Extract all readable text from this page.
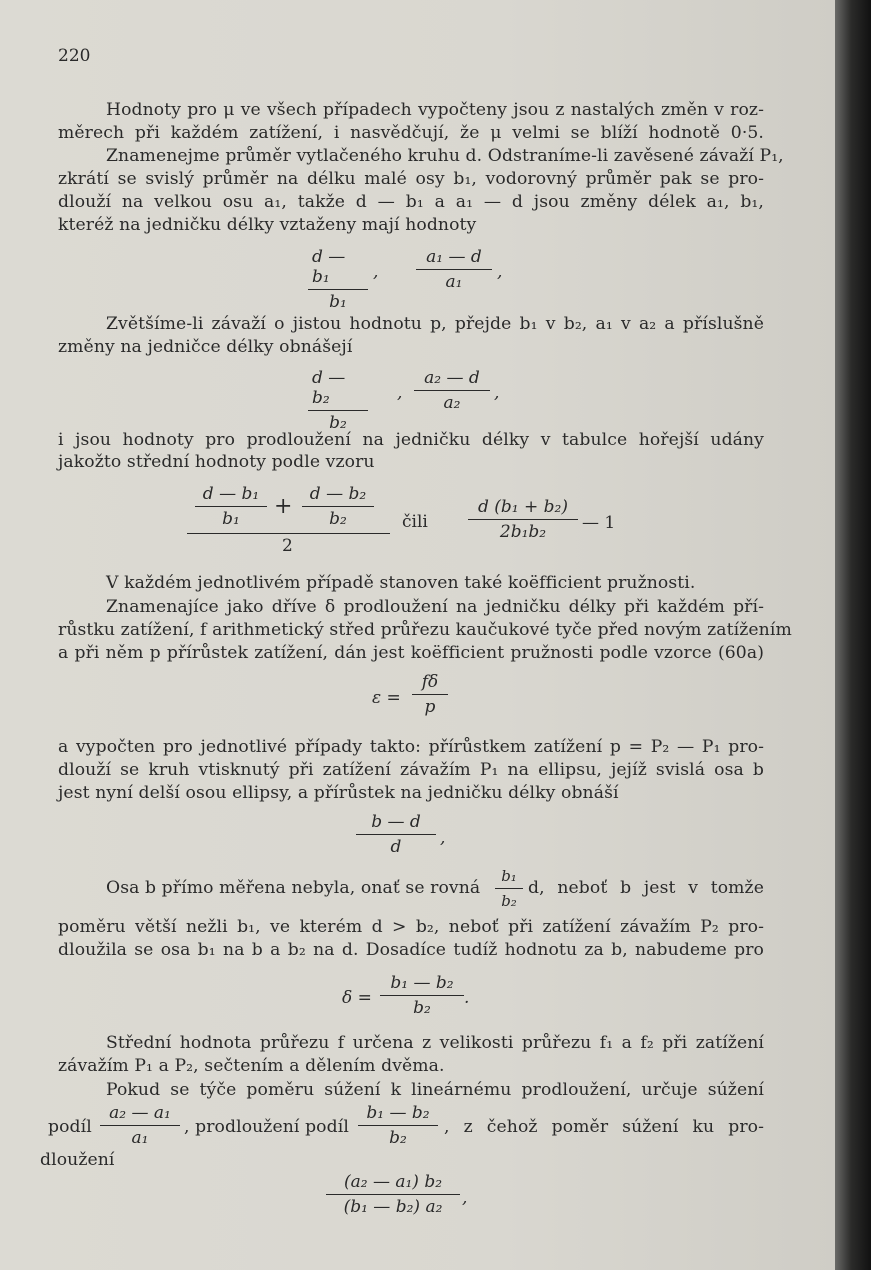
220
Hodnoty pro μ ve všech případech vypočteny jsou z nastalých změn v roz-
měrech při každém zatížení, i nasvědčují, že μ velmi se blíží hodnotě 0·5.
Znamenejme průměr vytlačeného kruhu d. Odstraníme-li zavěsené závaží P₁,
zkrátí se svislý průměr na délku malé osy b₁, vodorovný průměr pak se pro-
dlouží na velkou osu a₁, takže d — b₁ a a₁ — d jsou změny délek a₁, b₁,
kteréž na jedničku délky vztaženy mají hodnoty
d — b₁
b₁
,
a₁ — d
a₁ ,
Zvětšíme-li závaží o jistou hodnotu p, přejde b₁ v b₂, a₁ v a₂ a příslušně
změny na jedničce délky obnášejí
d — b₂
b₂
,
a₂ — d
a₂ ,
i jsou hodnoty pro prodloužení na jedničku délky v tabulce hořejší udány
jakožto střední hodnoty podle vzoru
d — b₁
b₁ + d — b₂
b₂
2
čili
d (b₁ + b₂)
2b₁b₂ — 1
V každém jednotlivém případě stanoven také koëfficient pružnosti.
Znamenajíce jako dříve δ prodloužení na jedničku délky při každém pří-
růstku zatížení, f arithmetický střed průřezu kaučukové tyče před novým zatížením
a při něm p přírůstek zatížení, dán jest koëfficient pružnosti podle vzorce (60a)
ε =
fδ
p
a vypočten pro jednotlivé případy takto: přírůstkem zatížení p = P₂ — P₁ pro-
dlouží se kruh vtisknutý při zatížení závažím P₁ na ellipsu, jejíž svislá osa b
jest nyní delší osou ellipsy, a přírůstek na jedničku délky obnáší
b — d
d ,
Osa b přímo měřena nebyla, onať se rovná
b₁
b₂
d, neboť b jest v tomže
poměru větší nežli b₁, ve kterém d > b₂, neboť při zatížení závažím P₂ pro-
dloužila se osa b₁ na b a b₂ na d. Dosadíce tudíž hodnotu za b, nabudeme pro
δ =
b₁ — b₂
b₂ .
Střední hodnota průřezu f určena z velikosti průřezu f₁ a f₂ při zatížení
závažím P₁ a P₂, sečtením a dělením dvěma.
Pokud se týče poměru súžení k lineárnému prodloužení, určuje súžení
podíl
a₂ — a₁
a₁
, prodloužení podíl
b₁ — b₂
b₂
, z čehož poměr súžení ku pro-
dloužení
(a₂ — a₁) b₂
(b₁ — b₂) a₂ ,
